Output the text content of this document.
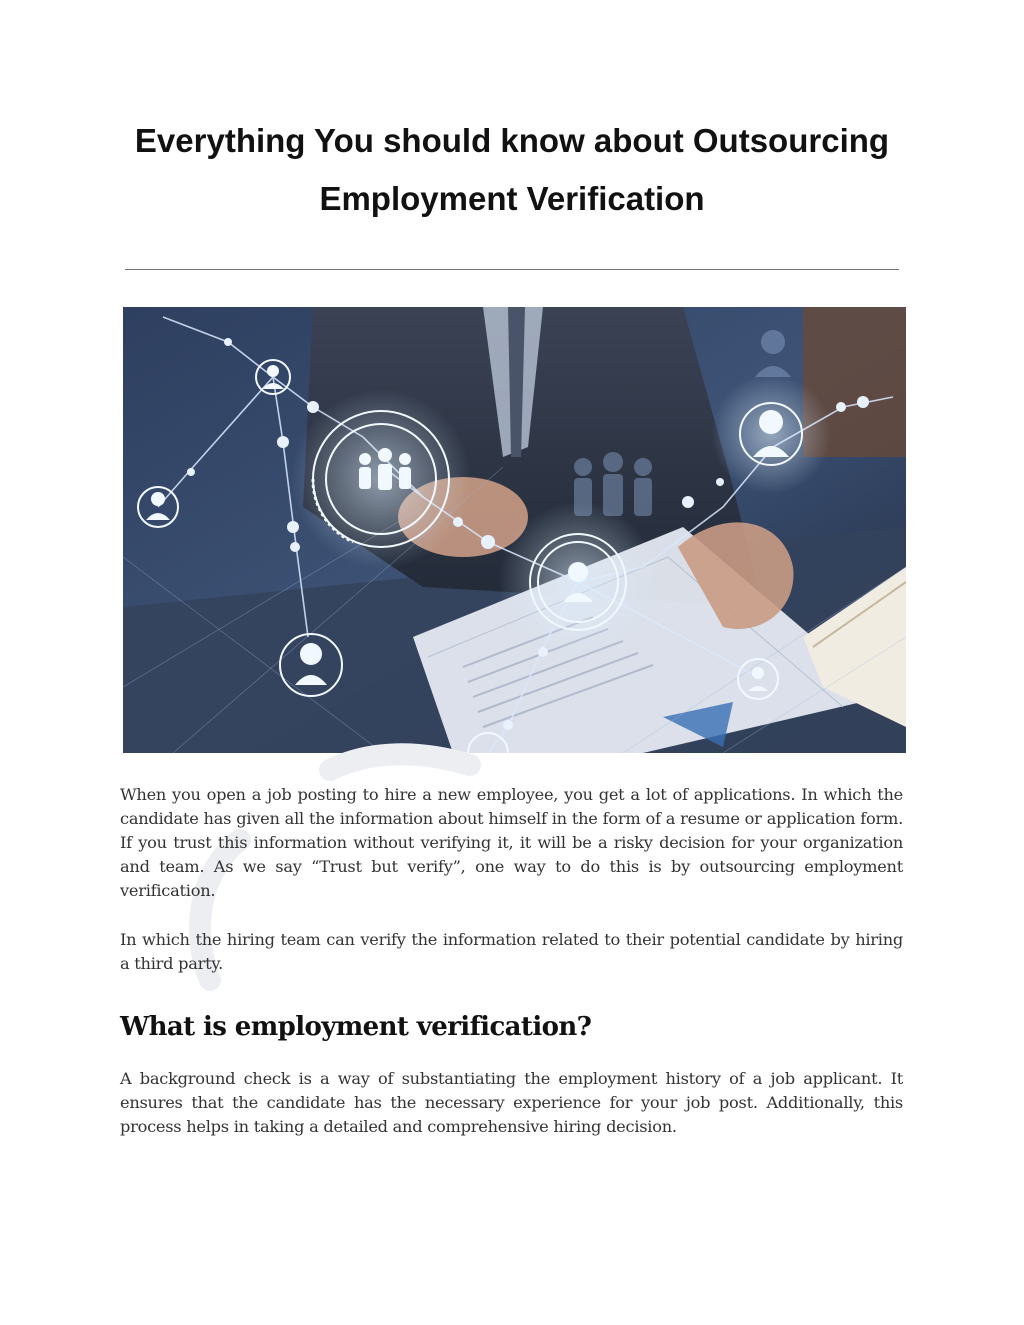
Everything You should know about Outsourcing
Employment Verification

When you open a job posting to hire a new employee, you get a lot of applications. In which the candidate has given all the information about himself in the form of a resume or application form. If you trust this information without verifying it, it will be a risky decision for your organization and team. As we say “Trust but verify”, one way to do this is by outsourcing employment verification.

In which the hiring team can verify the information related to their potential candidate by hiring a third party.

What is employment verification?

A background check is a way of substantiating the employment history of a job applicant. It ensures that the candidate has the necessary experience for your job post. Additionally, this process helps in taking a detailed and comprehensive hiring decision.
